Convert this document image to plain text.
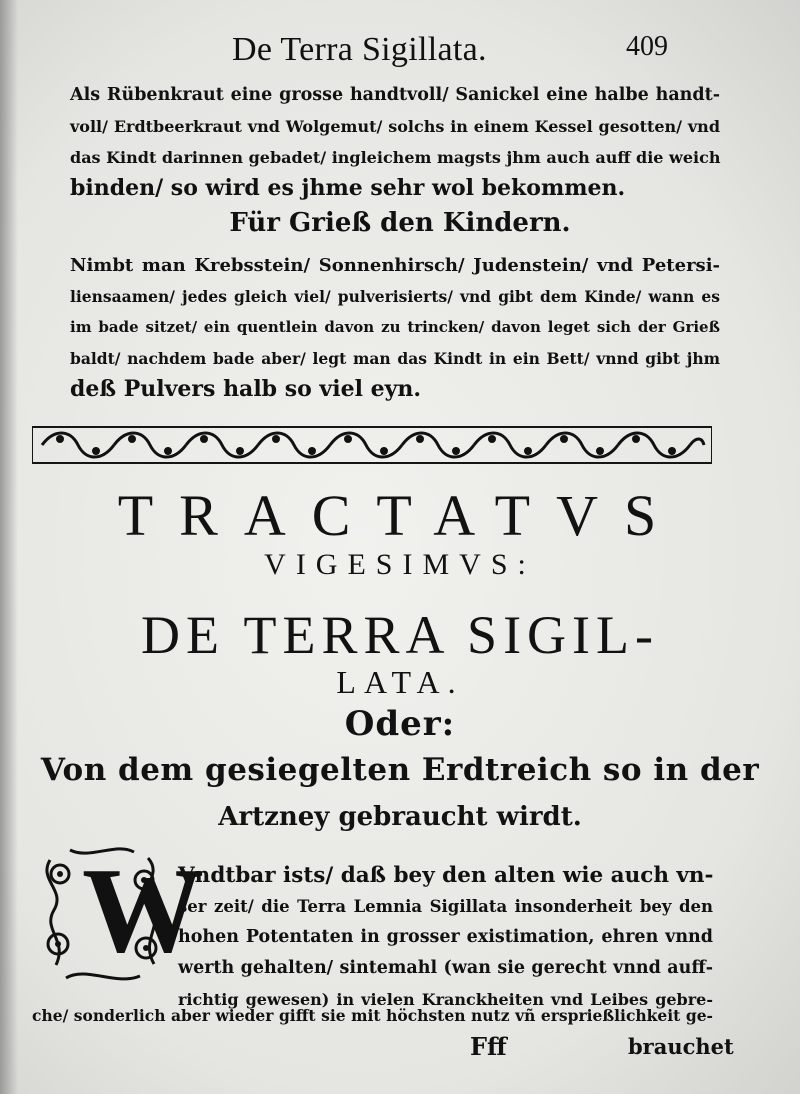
De Terra Sigillata.	409
Als Rübenkraut eine grosse handtvoll/ Sanickel eine halbe handt-
voll/ Erdtbeerkraut vnd Wolgemut/ solchs in einem Kessel gesotten/ vnd
das Kindt darinnen gebadet/ ingleichem magsts jhm auch auff die weich
binden/ so wird es jhme sehr wol bekommen.
Für Grieß den Kindern.
Nimbt man Krebsstein/ Sonnenhirsch/ Judenstein/ vnd Petersi-
liensaamen/ jedes gleich viel/ pulverisierts/ vnd gibt dem Kinde/ wann es
im bade sitzet/ ein quentlein davon zu trincken/ davon leget sich der Grieß
baldt/ nachdem bade aber/ legt man das Kindt in ein Bett/ vnnd gibt jhm
deß Pulvers halb so viel eyn.
TRACTATVS
VIGESIMVS:
DE TERRA SIGIL-
LATA.
Oder:
Von dem gesiegelten Erdtreich so in der
Artzney gebraucht wirdt.
W
Vndtbar ists/ daß bey den alten wie auch vn-
ser zeit/ die Terra Lemnia Sigillata insonderheit bey den
hohen Potentaten in grosser existimation, ehren vnnd
werth gehalten/ sintemahl (wan sie gerecht vnnd auff-
richtig gewesen) in vielen Kranckheiten vnd Leibes gebre-
che/ sonderlich aber wieder gifft sie mit höchsten nutz vñ ersprießlichkeit ge-
Fff	brauchet
